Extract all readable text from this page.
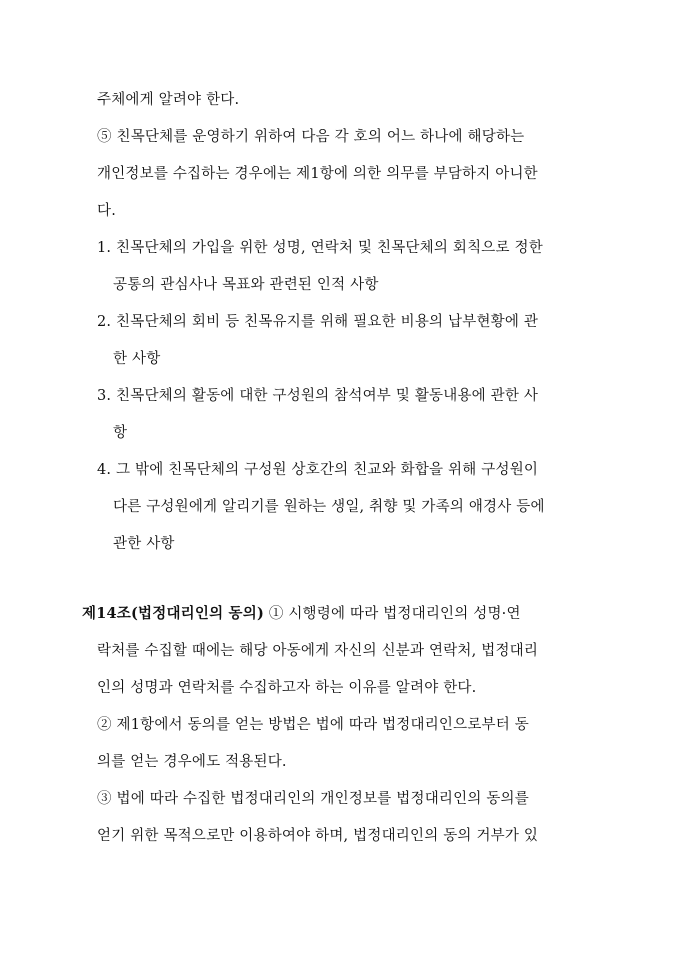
주체에게 알려야 한다.
⑤ 친목단체를 운영하기 위하여 다음 각 호의 어느 하나에 해당하는
개인정보를 수집하는 경우에는 제1항에 의한 의무를 부담하지 아니한
다.
1. 친목단체의 가입을 위한 성명, 연락처 및 친목단체의 회칙으로 정한
공통의 관심사나 목표와 관련된 인적 사항
2. 친목단체의 회비 등 친목유지를 위해 필요한 비용의 납부현황에 관
한 사항
3. 친목단체의 활동에 대한 구성원의 참석여부 및 활동내용에 관한 사
항
4. 그 밖에 친목단체의 구성원 상호간의 친교와 화합을 위해 구성원이
다른 구성원에게 알리기를 원하는 생일, 취향 및 가족의 애경사 등에
관한 사항
제14조(법정대리인의 동의) ① 시행령에 따라 법정대리인의 성명·연
락처를 수집할 때에는 해당 아동에게 자신의 신분과 연락처, 법정대리
인의 성명과 연락처를 수집하고자 하는 이유를 알려야 한다.
② 제1항에서 동의를 얻는 방법은 법에 따라 법정대리인으로부터 동
의를 얻는 경우에도 적용된다.
③ 법에 따라 수집한 법정대리인의 개인정보를 법정대리인의 동의를
얻기 위한 목적으로만 이용하여야 하며, 법정대리인의 동의 거부가 있
